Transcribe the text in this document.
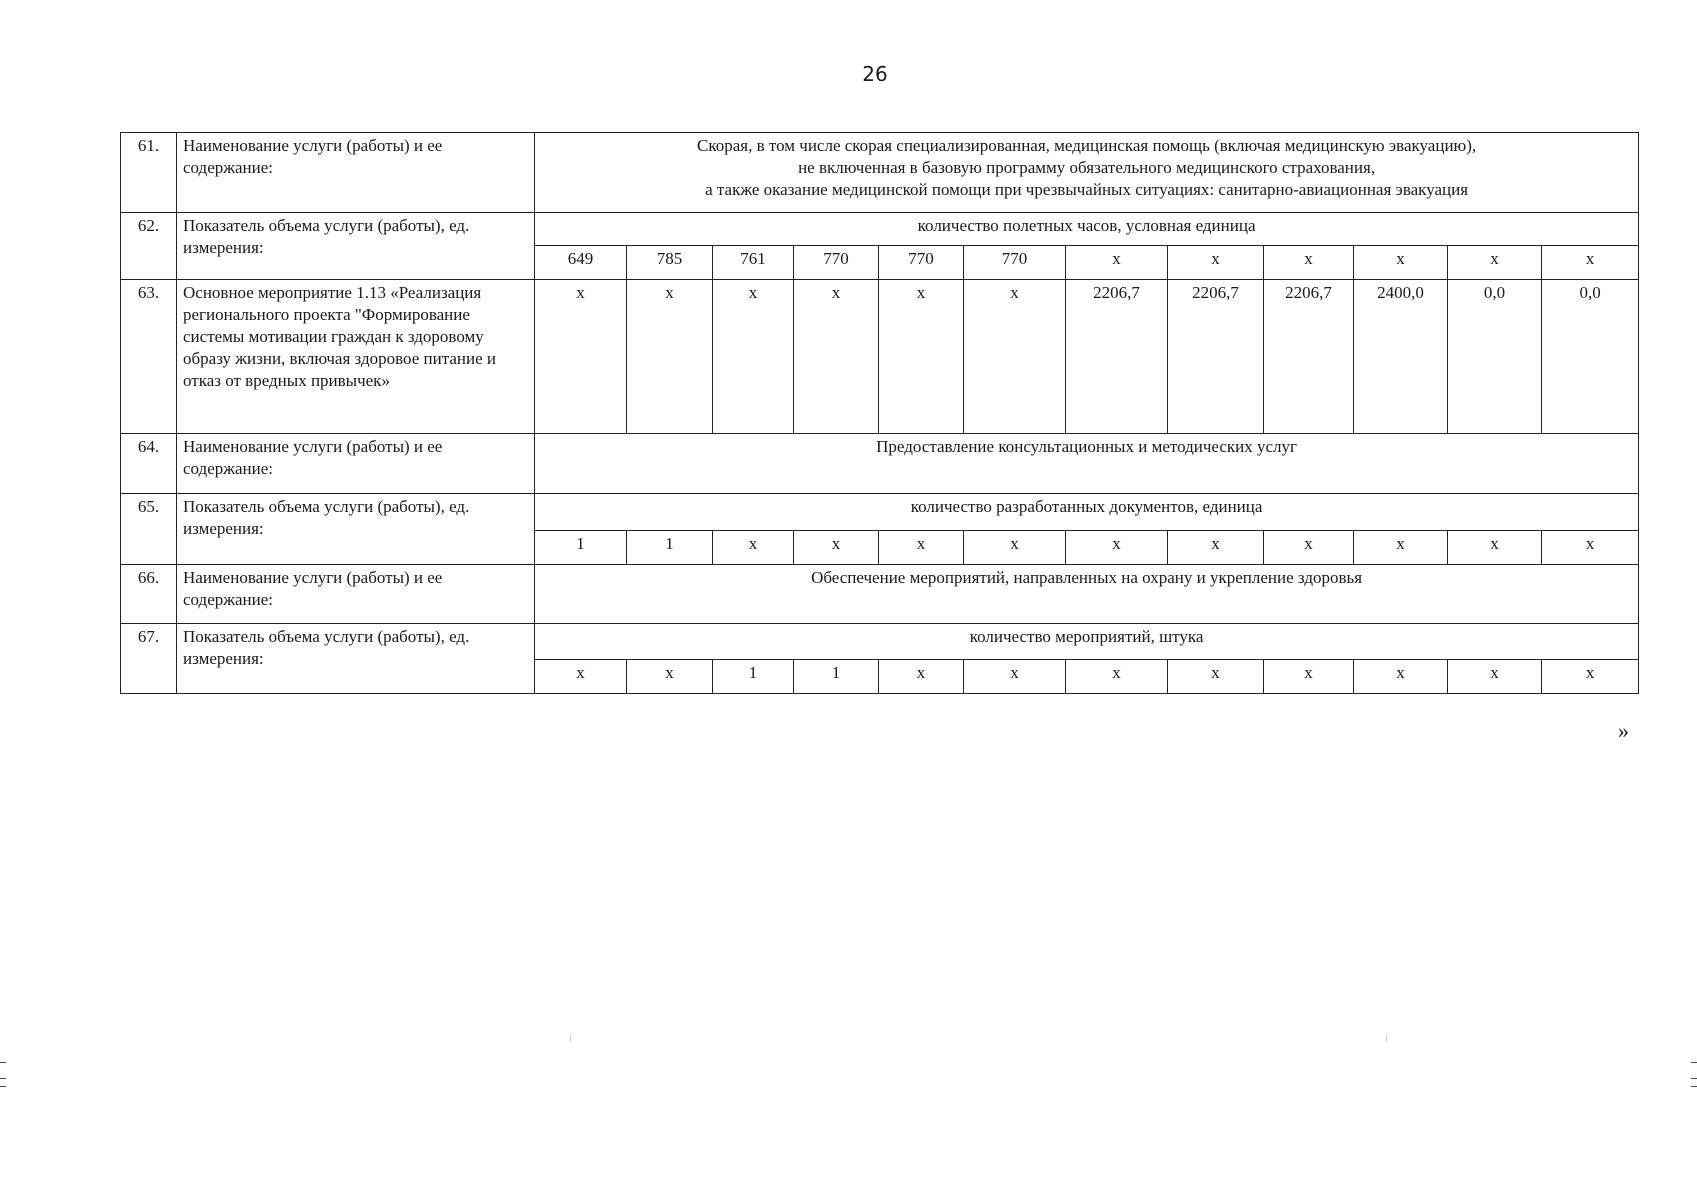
26
61.	Наименование услуги (работы) и ее содержание:	Скорая, в том числе скорая специализированная, медицинская помощь (включая медицинскую эвакуацию),
не включенная в базовую программу обязательного медицинского страхования,
а также оказание медицинской помощи при чрезвычайных ситуациях: санитарно-авиационная эвакуация											

62.	Показатель объема услуги (работы), ед. измерения:	количество полетных часов, условная единица											
		649	785	761	770	770	770	х	х	х	х	х	х
63.	Основное мероприятие 1.13 «Реализация регионального проекта "Формирование системы мотивации граждан к здоровому образу жизни, включая здоровое питание и отказ от вредных привычек»	х	х	х	х	х	х	2206,7	2206,7	2206,7	2400,0	0,0	0,0
64.	Наименование услуги (работы) и ее содержание:	Предоставление консультационных и методических услуг											
65.	Показатель объема услуги (работы), ед. измерения:	количество разработанных документов, единица											
		1	1	х	х	х	х	х	х	х	х	х	х
66.	Наименование услуги (работы) и ее содержание:	Обеспечение мероприятий, направленных на охрану и укрепление здоровья											
67.	Показатель объема услуги (работы), ед. измерения:	количество мероприятий, штука											
		х	х	1	1	х	х	х	х	х	х	х	х
»
